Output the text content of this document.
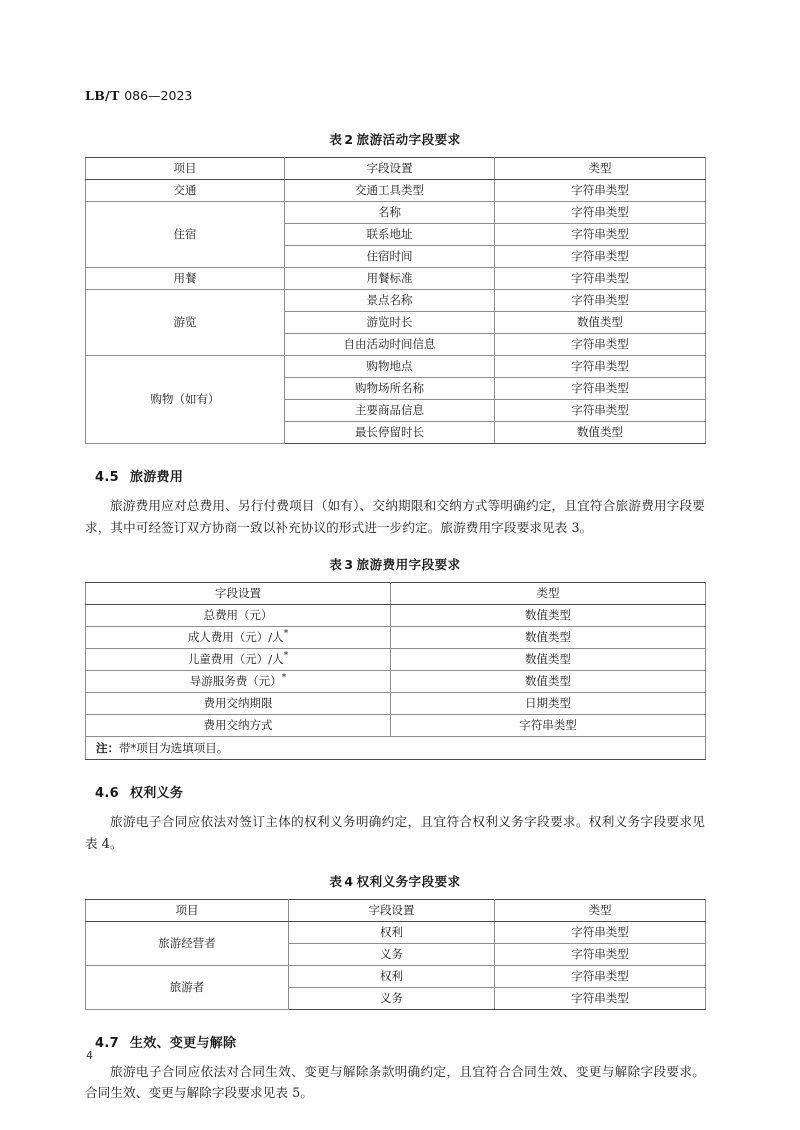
LB/T 086—2023
表 2 旅游活动字段要求
项目	字段设置	类型
交通	交通工具类型	字符串类型
住宿	名称	字符串类型
	联系地址	字符串类型
	住宿时间	字符串类型
用餐	用餐标准	字符串类型
游览	景点名称	字符串类型
	游览时长	数值类型
	自由活动时间信息	字符串类型
购物（如有）	购物地点	字符串类型
	购物场所名称	字符串类型
	主要商品信息	字符串类型
	最长停留时长	数值类型
4.5 旅游费用

旅游费用应对总费用、另行付费项目（如有）、交纳期限和交纳方式等明确约定，且宜符合旅游费用字段要求，其中可经签订双方协商一致以补充协议的形式进一步约定。旅游费用字段要求见表 3。

表 3 旅游费用字段要求
字段设置	类型
总费用（元）	数值类型
成人费用（元）/人*	数值类型
儿童费用（元）/人*	数值类型
导游服务费（元）*	数值类型
费用交纳期限	日期类型
费用交纳方式	字符串类型
注：带*项目为选填项目。	
4.6 权利义务

旅游电子合同应依法对签订主体的权利义务明确约定，且宜符合权利义务字段要求。权利义务字段要求见表 4。

表 4 权利义务字段要求
项目	字段设置	类型
旅游经营者	权利	字符串类型
	义务	字符串类型
旅游者	权利	字符串类型
	义务	字符串类型
4.7 生效、变更与解除

旅游电子合同应依法对合同生效、变更与解除条款明确约定，且宜符合合同生效、变更与解除字段要求。合同生效、变更与解除字段要求见表 5。

4
